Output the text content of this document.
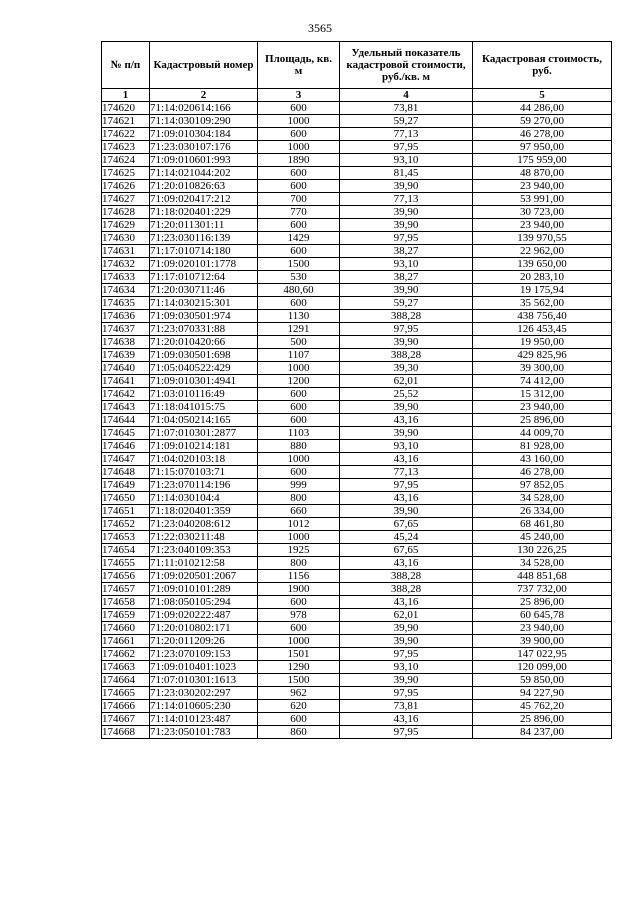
3565
№ п/п	Кадастровый номер	Площадь, кв. м	Удельный показатель кадастровой стоимости, руб./кв. м	Кадастровая стоимость, руб.
1	2	3	4	5
174620	71:14:020614:166	600	73,81	44 286,00
174621	71:14:030109:290	1000	59,27	59 270,00
174622	71:09:010304:184	600	77,13	46 278,00
174623	71:23:030107:176	1000	97,95	97 950,00
174624	71:09:010601:993	1890	93,10	175 959,00
174625	71:14:021044:202	600	81,45	48 870,00
174626	71:20:010826:63	600	39,90	23 940,00
174627	71:09:020417:212	700	77,13	53 991,00
174628	71:18:020401:229	770	39,90	30 723,00
174629	71:20:011301:11	600	39,90	23 940,00
174630	71:23:030116:139	1429	97,95	139 970,55
174631	71:17:010714:180	600	38,27	22 962,00
174632	71:09:020101:1778	1500	93,10	139 650,00
174633	71:17:010712:64	530	38,27	20 283,10
174634	71:20:030711:46	480,60	39,90	19 175,94
174635	71:14:030215:301	600	59,27	35 562,00
174636	71:09:030501:974	1130	388,28	438 756,40
174637	71:23:070331:88	1291	97,95	126 453,45
174638	71:20:010420:66	500	39,90	19 950,00
174639	71:09:030501:698	1107	388,28	429 825,96
174640	71:05:040522:429	1000	39,30	39 300,00
174641	71:09:010301:4941	1200	62,01	74 412,00
174642	71:03:010116:49	600	25,52	15 312,00
174643	71:18:041015:75	600	39,90	23 940,00
174644	71:04:050214:165	600	43,16	25 896,00
174645	71:07:010301:2877	1103	39,90	44 009,70
174646	71:09:010214:181	880	93,10	81 928,00
174647	71:04:020103:18	1000	43,16	43 160,00
174648	71:15:070103:71	600	77,13	46 278,00
174649	71:23:070114:196	999	97,95	97 852,05
174650	71:14:030104:4	800	43,16	34 528,00
174651	71:18:020401:359	660	39,90	26 334,00
174652	71:23:040208:612	1012	67,65	68 461,80
174653	71:22:030211:48	1000	45,24	45 240,00
174654	71:23:040109:353	1925	67,65	130 226,25
174655	71:11:010212:58	800	43,16	34 528,00
174656	71:09:020501:2067	1156	388,28	448 851,68
174657	71:09:010101:289	1900	388,28	737 732,00
174658	71:08:050105:294	600	43,16	25 896,00
174659	71:09:020222:487	978	62,01	60 645,78
174660	71:20:010802:171	600	39,90	23 940,00
174661	71:20:011209:26	1000	39,90	39 900,00
174662	71:23:070109:153	1501	97,95	147 022,95
174663	71:09:010401:1023	1290	93,10	120 099,00
174664	71:07:010301:1613	1500	39,90	59 850,00
174665	71:23:030202:297	962	97,95	94 227,90
174666	71:14:010605:230	620	73,81	45 762,20
174667	71:14:010123:487	600	43,16	25 896,00
174668	71:23:050101:783	860	97,95	84 237,00
